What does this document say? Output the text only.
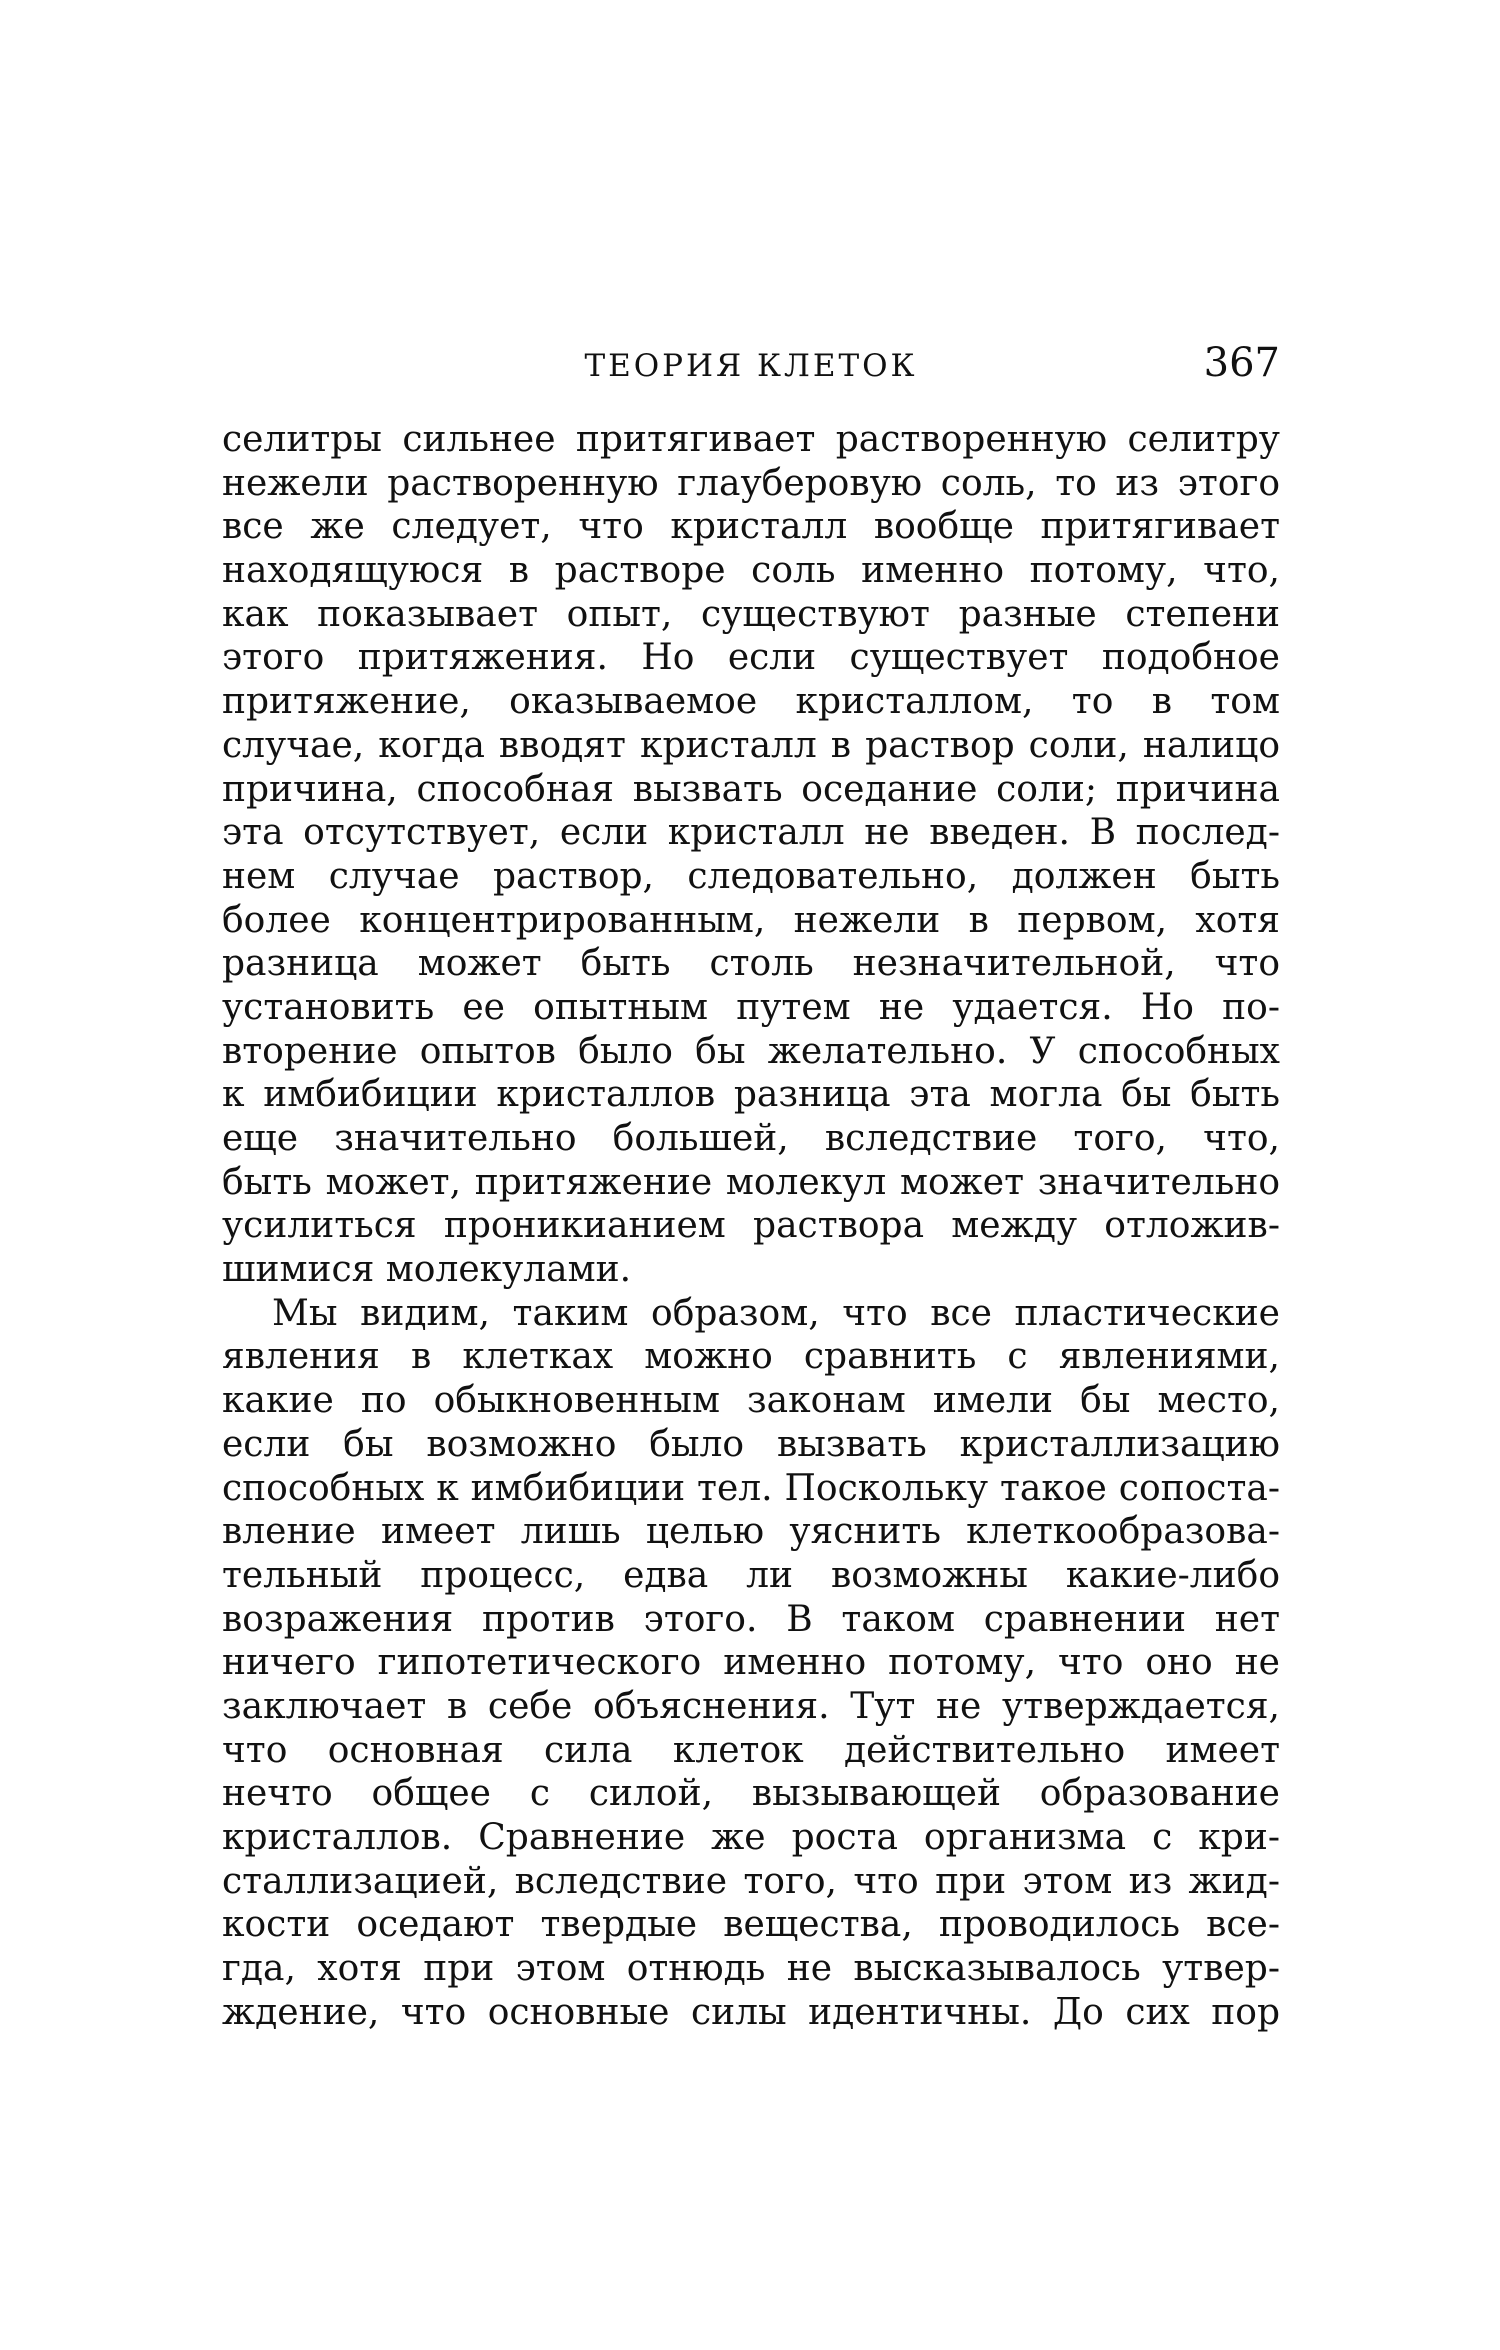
ТЕОРИЯ КЛЕТОК	367
селитры сильнее притягивает растворенную селитру
нежели растворенную глауберовую соль, то из этого
все же следует, что кристалл вообще притягивает
находящуюся в растворе соль именно потому, что,
как показывает опыт, существуют разные степени
этого притяжения. Но если существует подобное
притяжение, оказываемое кристаллом, то в том
случае, когда вводят кристалл в раствор соли, налицо
причина, способная вызвать оседание соли; причина
эта отсутствует, если кристалл не введен. В послед-
нем случае раствор, следовательно, должен быть
более концентрированным, нежели в первом, хотя
разница может быть столь незначительной, что
установить ее опытным путем не удается. Но по-
вторение опытов было бы желательно. У способных
к имбибиции кристаллов разница эта могла бы быть
еще значительно большей, вследствие того, что,
быть может, притяжение молекул может значительно
усилиться проникианием раствора между отложив-
шимися молекулами.
Мы видим, таким образом, что все пластические
явления в клетках можно сравнить с явлениями,
какие по обыкновенным законам имели бы место,
если бы возможно было вызвать кристаллизацию
способных к имбибиции тел. Поскольку такое сопоста-
вление имеет лишь целью уяснить клеткообразова-
тельный процесс, едва ли возможны какие-либо
возражения против этого. В таком сравнении нет
ничего гипотетического именно потому, что оно не
заключает в себе объяснения. Тут не утверждается,
что основная сила клеток действительно имеет
нечто общее с силой, вызывающей образование
кристаллов. Сравнение же роста организма с кри-
сталлизацией, вследствие того, что при этом из жид-
кости оседают твердые вещества, проводилось все-
гда, хотя при этом отнюдь не высказывалось утвер-
ждение, что основные силы идентичны. До сих пор
